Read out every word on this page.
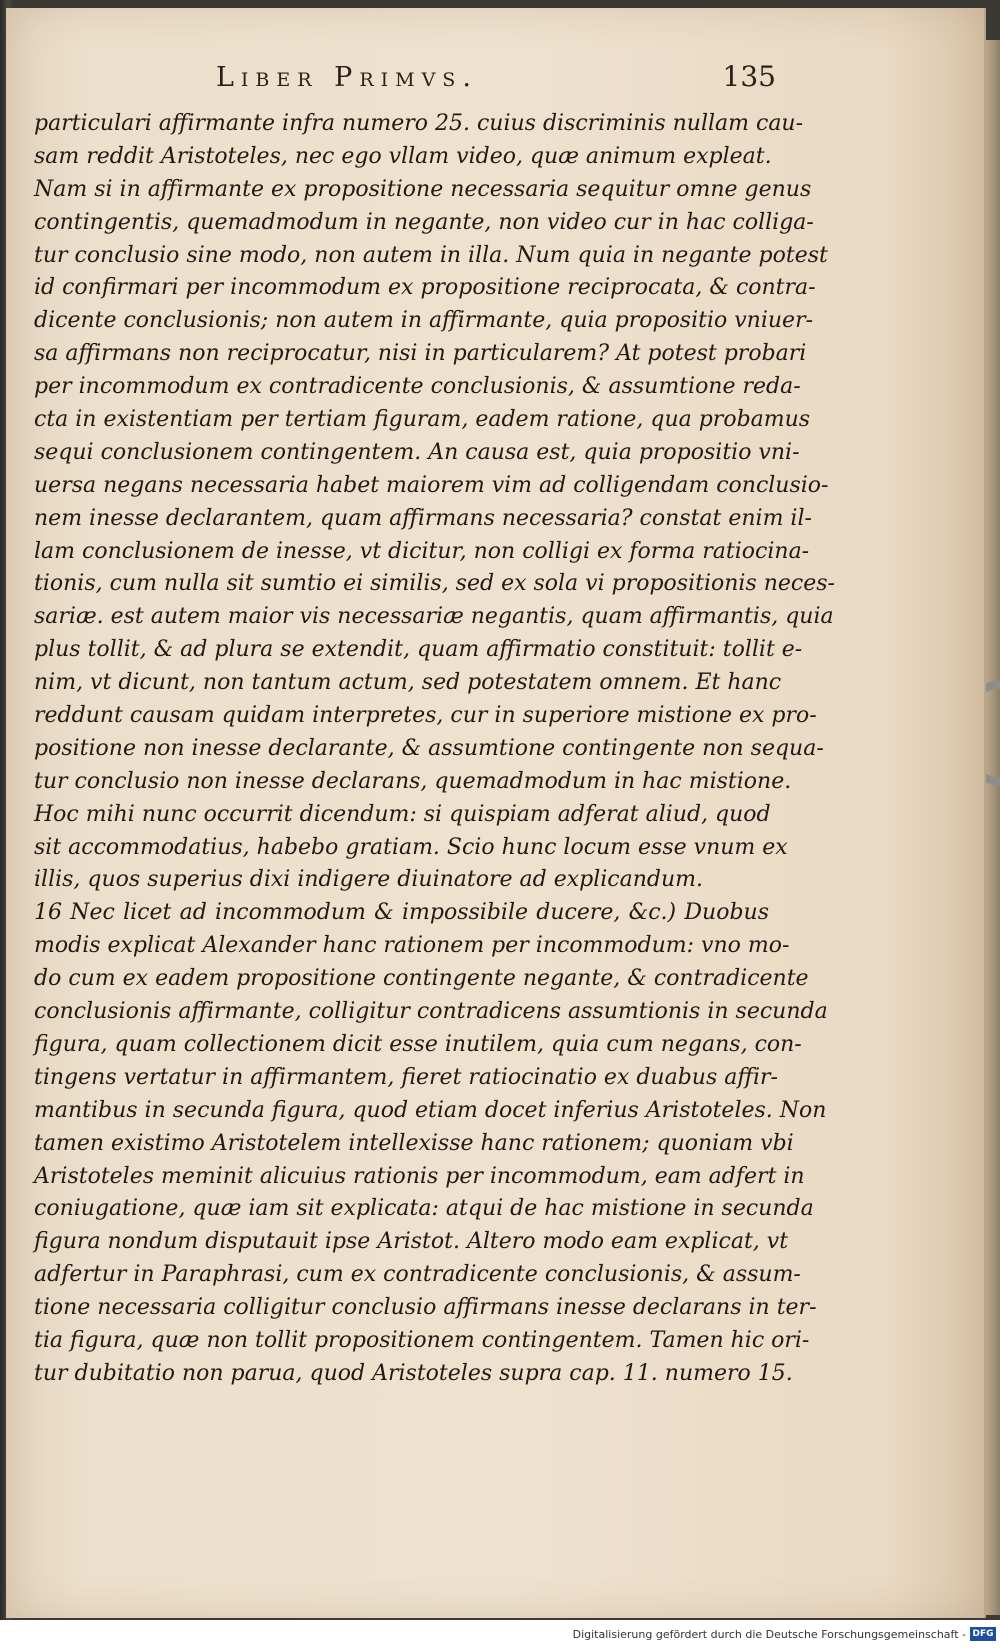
Liber Primvs.	135
particulari affirmante infra numero 25. cuius discriminis nullam cau-
sam reddit Aristoteles, nec ego vllam video, quæ animum expleat.
Nam si in affirmante ex propositione necessaria sequitur omne genus
contingentis, quemadmodum in negante, non video cur in hac colliga-
tur conclusio sine modo, non autem in illa. Num quia in negante potest
id confirmari per incommodum ex propositione reciprocata, & contra-
dicente conclusionis; non autem in affirmante, quia propositio vniuer-
sa affirmans non reciprocatur, nisi in particularem? At potest probari
per incommodum ex contradicente conclusionis, & assumtione reda-
cta in existentiam per tertiam figuram, eadem ratione, qua probamus
sequi conclusionem contingentem. An causa est, quia propositio vni-
uersa negans necessaria habet maiorem vim ad colligendam conclusio-
nem inesse declarantem, quam affirmans necessaria? constat enim il-
lam conclusionem de inesse, vt dicitur, non colligi ex forma ratiocina-
tionis, cum nulla sit sumtio ei similis, sed ex sola vi propositionis neces-
sariæ. est autem maior vis necessariæ negantis, quam affirmantis, quia
plus tollit, & ad plura se extendit, quam affirmatio constituit: tollit e-
nim, vt dicunt, non tantum actum, sed potestatem omnem. Et hanc
reddunt causam quidam interpretes, cur in superiore mistione ex pro-
positione non inesse declarante, & assumtione contingente non sequa-
tur conclusio non inesse declarans, quemadmodum in hac mistione.
Hoc mihi nunc occurrit dicendum: si quispiam adferat aliud, quod
sit accommodatius, habebo gratiam. Scio hunc locum esse vnum ex
illis, quos superius dixi indigere diuinatore ad explicandum.
16 Nec licet ad incommodum & impossibile ducere, &c.) Duobus
modis explicat Alexander hanc rationem per incommodum: vno mo-
do cum ex eadem propositione contingente negante, & contradicente
conclusionis affirmante, colligitur contradicens assumtionis in secunda
figura, quam collectionem dicit esse inutilem, quia cum negans, con-
tingens vertatur in affirmantem, fieret ratiocinatio ex duabus affir-
mantibus in secunda figura, quod etiam docet inferius Aristoteles. Non
tamen existimo Aristotelem intellexisse hanc rationem; quoniam vbi
Aristoteles meminit alicuius rationis per incommodum, eam adfert in
coniugatione, quæ iam sit explicata: atqui de hac mistione in secunda
figura nondum disputauit ipse Aristot. Altero modo eam explicat, vt
adfertur in Paraphrasi, cum ex contradicente conclusionis, & assum-
tione necessaria colligitur conclusio affirmans inesse declarans in ter-
tia figura, quæ non tollit propositionem contingentem. Tamen hic ori-
tur dubitatio non parua, quod Aristoteles supra cap. 11. numero 15.
Digitalisierung gefördert durch die Deutsche Forschungsgemeinschaft - DFG
